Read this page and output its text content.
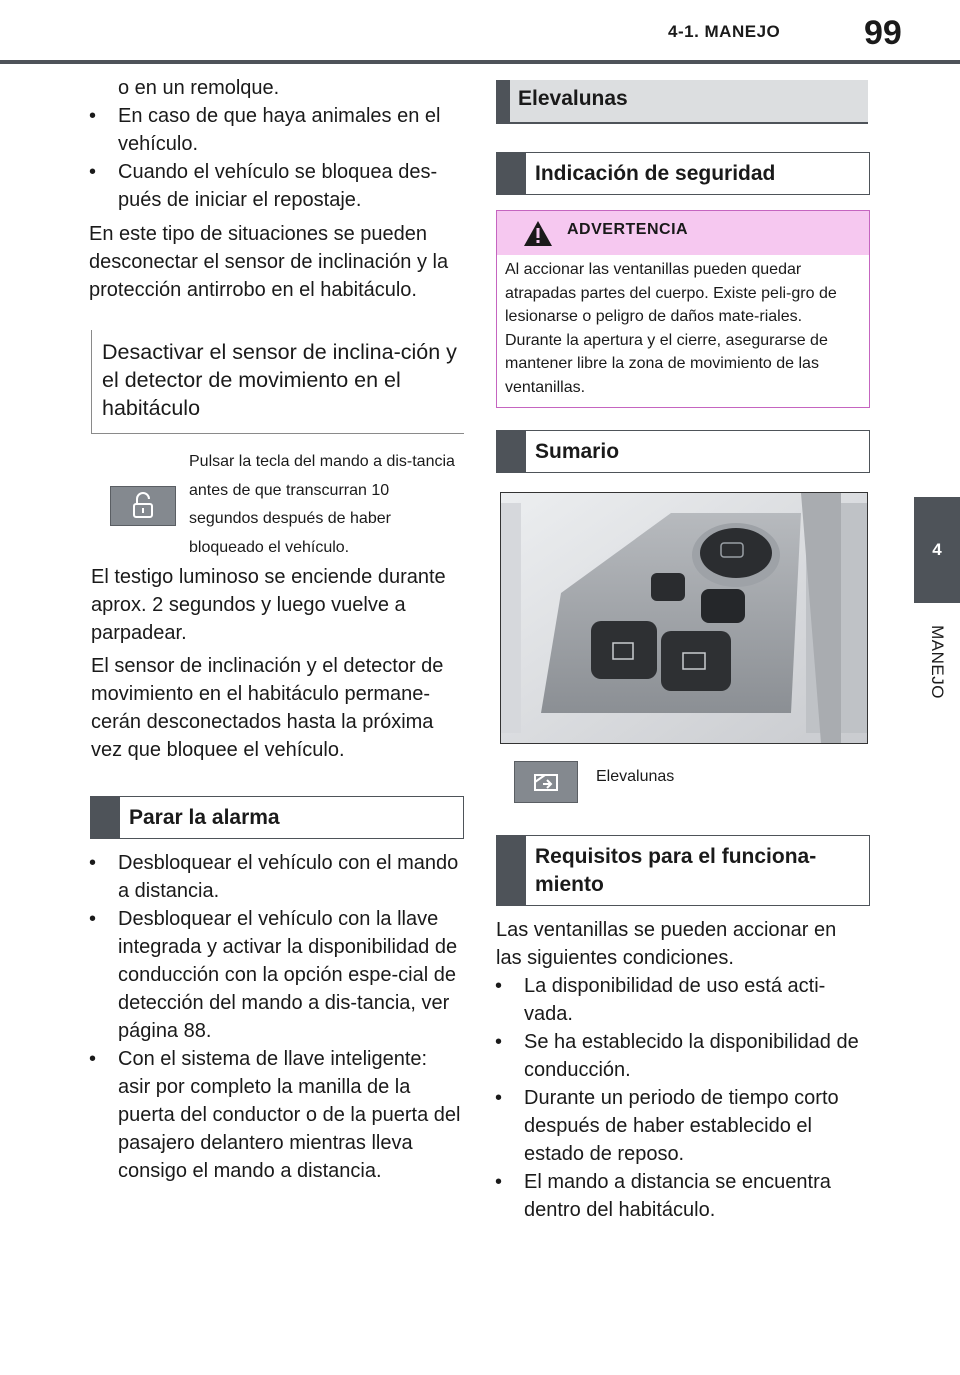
4-1. MANEJO 99
4
MANEJO
o en un remolque.
• En caso de que haya animales en el vehículo.
• Cuando el vehículo se bloquea des-pués de iniciar el repostaje.
En este tipo de situaciones se pueden desconectar el sensor de inclinación y la protección antirrobo en el habitáculo.
Desactivar el sensor de inclina-ción y el detector de movimiento en el habitáculo
Pulsar la tecla del mando a dis-tancia antes de que transcurran 10 segundos después de haber bloqueado el vehículo.
El testigo luminoso se enciende durante aprox. 2 segundos y luego vuelve a parpadear.
El sensor de inclinación y el detector de movimiento en el habitáculo permane-cerán desconectados hasta la próxima vez que bloquee el vehículo.
Parar la alarma
• Desbloquear el vehículo con el mando a distancia.
• Desbloquear el vehículo con la llave integrada y activar la disponibilidad de conducción con la opción espe-cial de detección del mando a dis-tancia, ver página 88.
• Con el sistema de llave inteligente: asir por completo la manilla de la puerta del conductor o de la puerta del pasajero delantero mientras lleva consigo el mando a distancia.
Elevalunas
Indicación de seguridad
ADVERTENCIA
Al accionar las ventanillas pueden quedar atrapadas partes del cuerpo. Existe peli-gro de lesionarse o peligro de daños mate-riales. Durante la apertura y el cierre, asegurarse de mantener libre la zona de movimiento de las ventanillas.
Sumario
Elevalunas
Requisitos para el funciona-miento
Las ventanillas se pueden accionar en las siguientes condiciones.
• La disponibilidad de uso está acti-vada.
• Se ha establecido la disponibilidad de conducción.
• Durante un periodo de tiempo corto después de haber establecido el estado de reposo.
• El mando a distancia se encuentra dentro del habitáculo.
